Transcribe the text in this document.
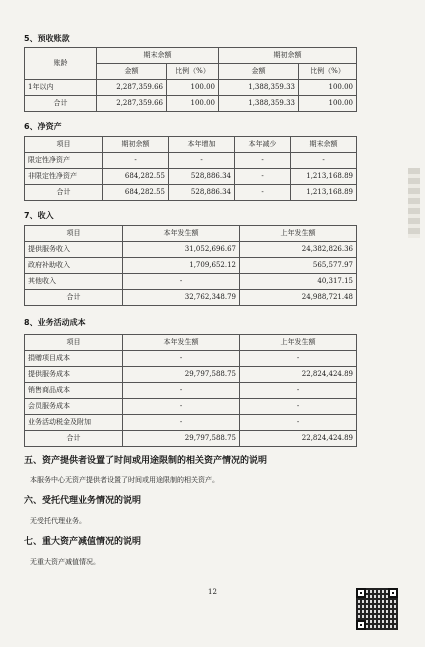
5、预收账款
账龄	期末余额		期初余额	
	金额	比例（%）	金额	比例（%）
1年以内	2,287,359.66	100.00	1,388,359.33	100.00
合计	2,287,359.66	100.00	1,388,359.33	100.00
6、净资产
项目	期初余额	本年增加	本年减少	期末余额
限定性净资产	-	-	-	-
非限定性净资产	684,282.55	528,886.34	-	1,213,168.89
合计	684,282.55	528,886.34	-	1,213,168.89
7、收入
项目	本年发生额	上年发生额
提供服务收入	31,052,696.67	24,382,826.36
政府补助收入	1,709,652.12	565,577.97
其他收入	-	40,317.15
合计	32,762,348.79	24,988,721.48
8、业务活动成本
项目	本年发生额	上年发生额
捐赠项目成本	-	-
提供服务成本	29,797,588.75	22,824,424.89
销售商品成本	-	-
会员服务成本	-	-
业务活动税金及附加	-	-
合计	29,797,588.75	22,824,424.89
五、资产提供者设置了时间或用途限制的相关资产情况的说明
本服务中心无资产提供者设置了时间或用途限制的相关资产。
六、受托代理业务情况的说明
无受托代理业务。
七、重大资产减值情况的说明
无重大资产减值情况。
12
